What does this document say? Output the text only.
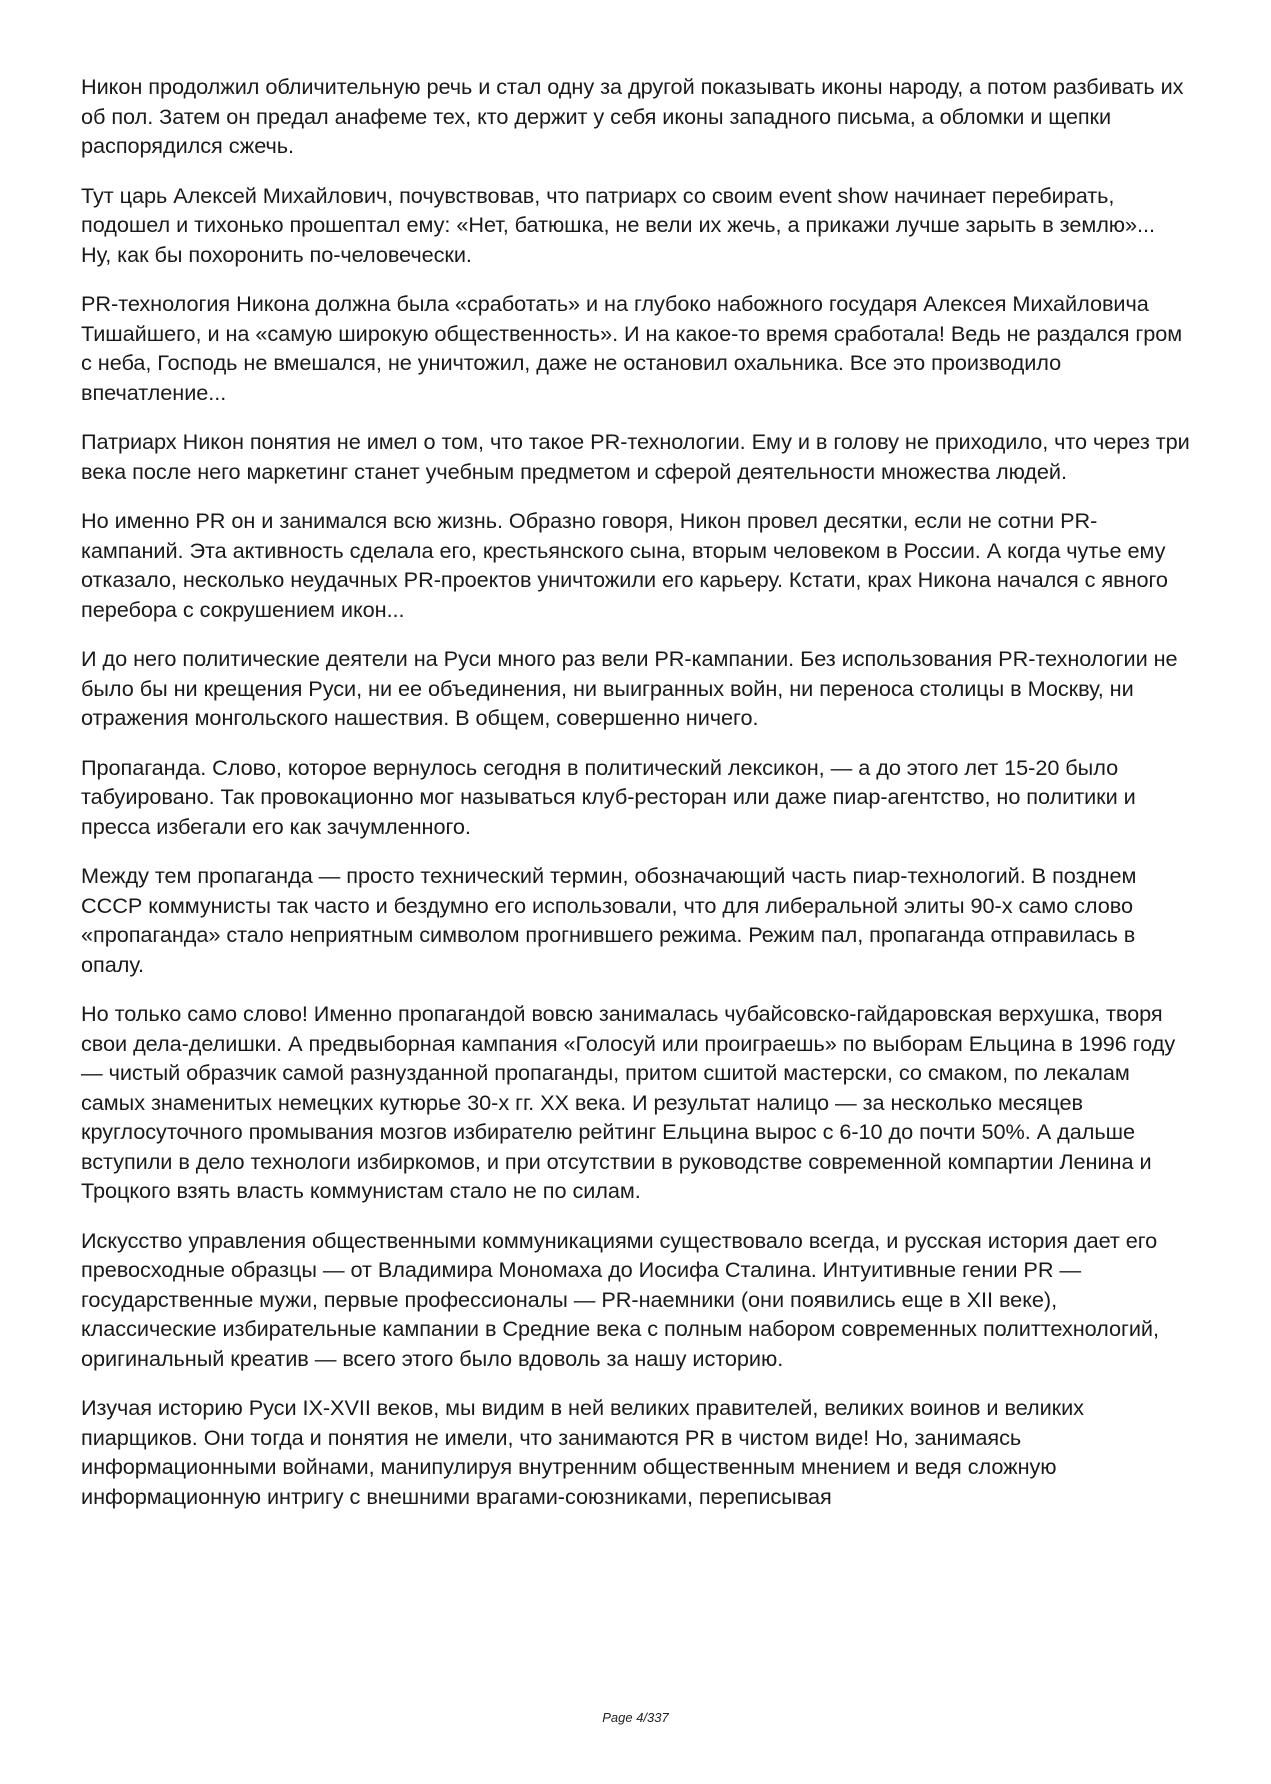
Никон продолжил обличительную речь и стал одну за другой показывать иконы народу, а потом разбивать их об пол. Затем он предал анафеме тех, кто держит у себя иконы западного письма, а обломки и щепки распорядился сжечь.

Тут царь Алексей Михайлович, почувствовав, что патриарх со своим event show начинает перебирать, подошел и тихонько прошептал ему: «Нет, батюшка, не вели их жечь, а прикажи лучше зарыть в землю»... Ну, как бы похоронить по-человечески.

PR-технология Никона должна была «сработать» и на глубоко набожного государя Алексея Михайловича Тишайшего, и на «самую широкую общественность». И на какое-то время сработала! Ведь не раздался гром с неба, Господь не вмешался, не уничтожил, даже не остановил охальника. Все это производило впечатление...

Патриарх Никон понятия не имел о том, что такое PR-технологии. Ему и в голову не приходило, что через три века после него маркетинг станет учебным предметом и сферой деятельности множества людей.

Но именно PR он и занимался всю жизнь. Образно говоря, Никон провел десятки, если не сотни PR-кампаний. Эта активность сделала его, крестьянского сына, вторым человеком в России. А когда чутье ему отказало, несколько неудачных PR-проектов уничтожили его карьеру. Кстати, крах Никона начался с явного перебора с сокрушением икон...

И до него политические деятели на Руси много раз вели PR-кампании. Без использования PR-технологии не было бы ни крещения Руси, ни ее объединения, ни выигранных войн, ни переноса столицы в Москву, ни отражения монгольского нашествия. В общем, совершенно ничего.

Пропаганда. Слово, которое вернулось сегодня в политический лексикон, — а до этого лет 15-20 было табуировано. Так провокационно мог называться клуб-ресторан или даже пиар-агентство, но политики и пресса избегали его как зачумленного.

Между тем пропаганда — просто технический термин, обозначающий часть пиар-технологий. В позднем СССР коммунисты так часто и бездумно его использовали, что для либеральной элиты 90-х само слово «пропаганда» стало неприятным символом прогнившего режима. Режим пал, пропаганда отправилась в опалу.

Но только само слово! Именно пропагандой вовсю занималась чубайсовско-гайдаровская верхушка, творя свои дела-делишки. А предвыборная кампания «Голосуй или проиграешь» по выборам Ельцина в 1996 году — чистый образчик самой разнузданной пропаганды, притом сшитой мастерски, со смаком, по лекалам самых знаменитых немецких кутюрье 30-х гг. XX века. И результат налицо — за несколько месяцев круглосуточного промывания мозгов избирателю рейтинг Ельцина вырос с 6-10 до почти 50%. А дальше вступили в дело технологи избиркомов, и при отсутствии в руководстве современной компартии Ленина и Троцкого взять власть коммунистам стало не по силам.

Искусство управления общественными коммуникациями существовало всегда, и русская история дает его превосходные образцы — от Владимира Мономаха до Иосифа Сталина. Интуитивные гении PR — государственные мужи, первые профессионалы — PR-наемники (они появились еще в XII веке), классические избирательные кампании в Средние века с полным набором современных политтехнологий, оригинальный креатив — всего этого было вдоволь за нашу историю.

Изучая историю Руси IX-XVII веков, мы видим в ней великих правителей, великих воинов и великих пиарщиков. Они тогда и понятия не имели, что занимаются PR в чистом виде! Но, занимаясь информационными войнами, манипулируя внутренним общественным мнением и ведя сложную информационную интригу с внешними врагами-союзниками, переписывая

Page 4/337
